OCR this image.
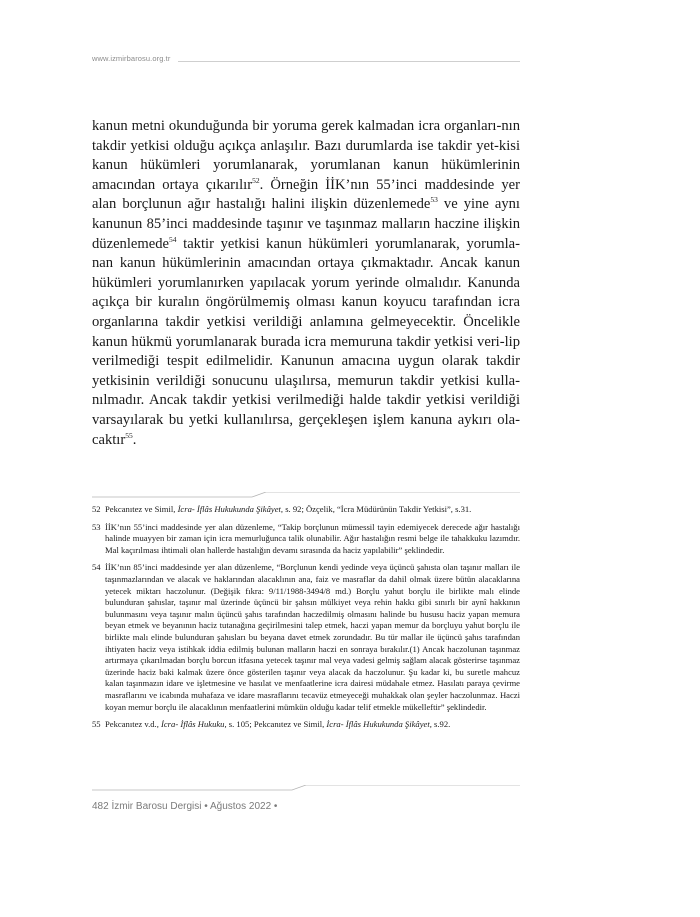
www.izmirbarosu.org.tr

kanun metni okunduğunda bir yoruma gerek kalmadan icra organları-nın takdir yetkisi olduğu açıkça anlaşılır. Bazı durumlarda ise takdir yet-kisi kanun hükümleri yorumlanarak, yorumlanan kanun hükümlerinin amacından ortaya çıkarılır$^{52}$. Örneğin İİK’nın 55’inci maddesinde yer alan borçlunun ağır hastalığı halini ilişkin düzenlemede$^{53}$ ve yine aynı kanunun 85’inci maddesinde taşınır ve taşınmaz malların haczine ilişkin düzenlemede$^{54}$ taktir yetkisi kanun hükümleri yorumlanarak, yorumla-nan kanun hükümlerinin amacından ortaya çıkmaktadır. Ancak kanun hükümleri yorumlanırken yapılacak yorum yerinde olmalıdır. Kanunda açıkça bir kuralın öngörülmemiş olması kanun koyucu tarafından icra organlarına takdir yetkisi verildiği anlamına gelmeyecektir. Öncelikle kanun hükmü yorumlanarak burada icra memuruna takdir yetkisi veri-lip verilmediği tespit edilmelidir. Kanunun amacına uygun olarak takdir yetkisinin verildiği sonucunu ulaşılırsa, memurun takdir yetkisi kulla-nılmadır. Ancak takdir yetkisi verilmediği halde takdir yetkisi verildiği varsayılarak bu yetki kullanılırsa, gerçekleşen işlem kanuna aykırı ola-caktır$^{55}$.

52 Pekcanıtez ve Simil, İcra- İflâs Hukukunda Şikâyet, s. 92; Özçelik, “İcra Müdürünün Takdir Yetkisi”, s.31.

53 İİK’nın 55’inci maddesinde yer alan düzenleme, “Takip borçlunun mümessil tayin edemiyecek derecede ağır hastalığı halinde muayyen bir zaman için icra memurluğunca talik olunabilir. Ağır hastalığın resmi belge ile tahakkuku lazımdır. Mal kaçırılması ihtimali olan hallerde hastalığın devamı sırasında da haciz yapılabilir” şeklindedir.

54 İİK’nın 85’inci maddesinde yer alan düzenleme, “Borçlunun kendi yedinde veya üçüncü şahısta olan taşınır malları ile taşınmazlarından ve alacak ve haklarından alacaklının ana, faiz ve masraflar da dahil olmak üzere bütün alacaklarına yetecek miktarı haczolunur. (Değişik fıkra: 9/11/1988-3494/8 md.) Borçlu yahut borçlu ile birlikte malı elinde bulunduran şahıslar, taşınır mal üzerinde üçüncü bir şahsın mülkiyet veya rehin hakkı gibi sınırlı bir aynî hakkının bulunmasını veya taşınır malın üçüncü şahıs tarafından haczedilmiş olmasını halinde bu hususu haciz yapan memura beyan etmek ve beyanının haciz tutanağına geçirilmesini talep etmek, haczi yapan memur da borçluyu yahut borçlu ile birlikte malı elinde bulunduran şahısları bu beyana davet etmek zorundadır. Bu tür mallar ile üçüncü şahıs tarafından ihtiyaten haciz veya istihkak iddia edilmiş bulunan malların haczi en sonraya bırakılır.(1) Ancak haczolunan taşınmaz artırmaya çıkarılmadan borçlu borcun itfasına yetecek taşınır mal veya vadesi gelmiş sağlam alacak gösterirse taşınmaz üzerinde haciz baki kalmak üzere önce gösterilen taşınır veya alacak da haczolunur. Şu kadar ki, bu suretle mahcuz kalan taşınmazın idare ve işletmesine ve hasılat ve menfaatlerine icra dairesi müdahale etmez. Hasılatı paraya çevirme masraflarını ve icabında muhafaza ve idare masraflarını tecavüz etmeyeceği muhakkak olan şeyler haczolunmaz. Haczi koyan memur borçlu ile alacaklının menfaatlerini mümkün olduğu kadar telif etmekle mükelleftir” şeklindedir.

55 Pekcanıtez v.d., İcra- İflâs Hukuku, s. 105; Pekcanıtez ve Simil, İcra- İflâs Hukukunda Şikâyet, s.92.

482 İzmir Barosu Dergisi • Ağustos 2022 •
